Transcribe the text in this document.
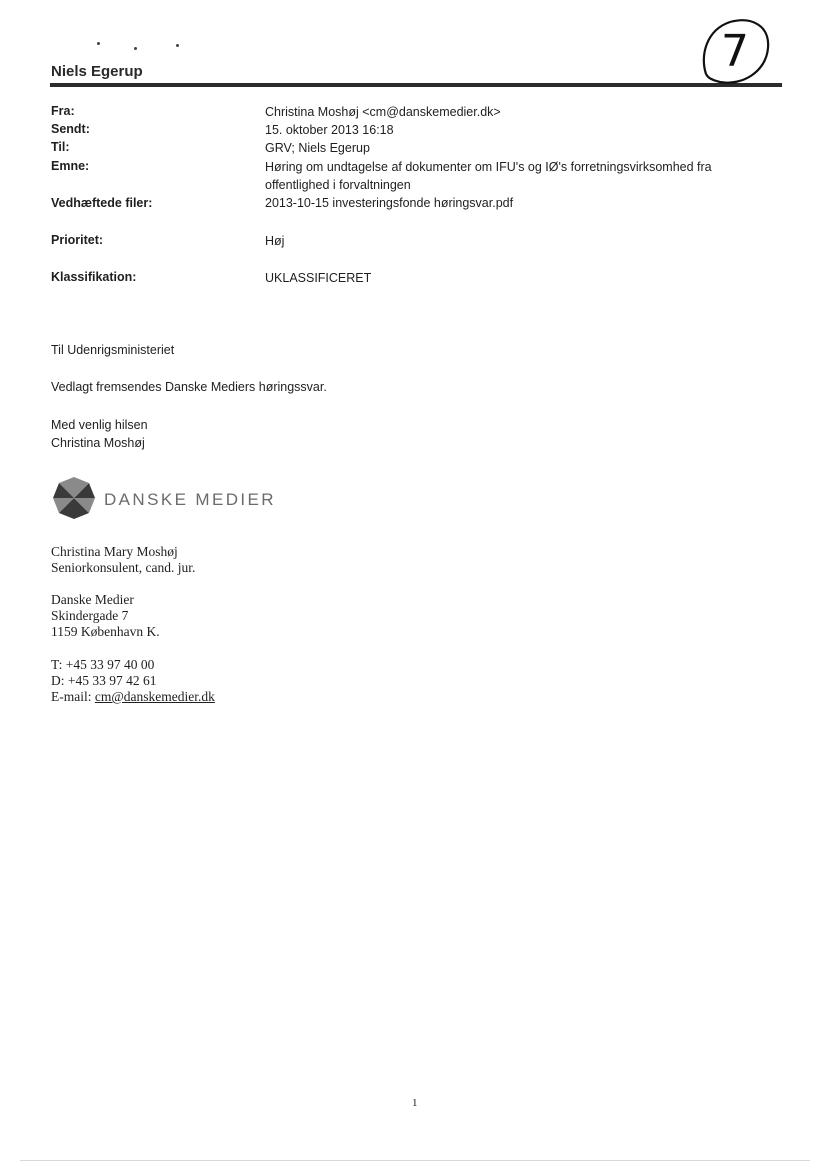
Niels Egerup	7
Fra:	Christina Moshøj <cm@danskemedier.dk>
Sendt:	15. oktober 2013 16:18
Til:	GRV; Niels Egerup
Emne:	Høring om undtagelse af dokumenter om IFU's og IØ's forretningsvirksomhed fra offentlighed i forvaltningen
Vedhæftede filer:	2013-10-15 investeringsfonde høringsvar.pdf
Prioritet:	Høj
Klassifikation:	UKLASSIFICERET
Til Udenrigsministeriet
Vedlagt fremsendes Danske Mediers høringssvar.
Med venlig hilsen
Christina Moshøj
DANSKE MEDIER
Christina Mary Moshøj
Seniorkonsulent, cand. jur.
Danske Medier
Skindergade 7
1159 København K.
T: +45 33 97 40 00
D: +45 33 97 42 61
E-mail: cm@danskemedier.dk
1
